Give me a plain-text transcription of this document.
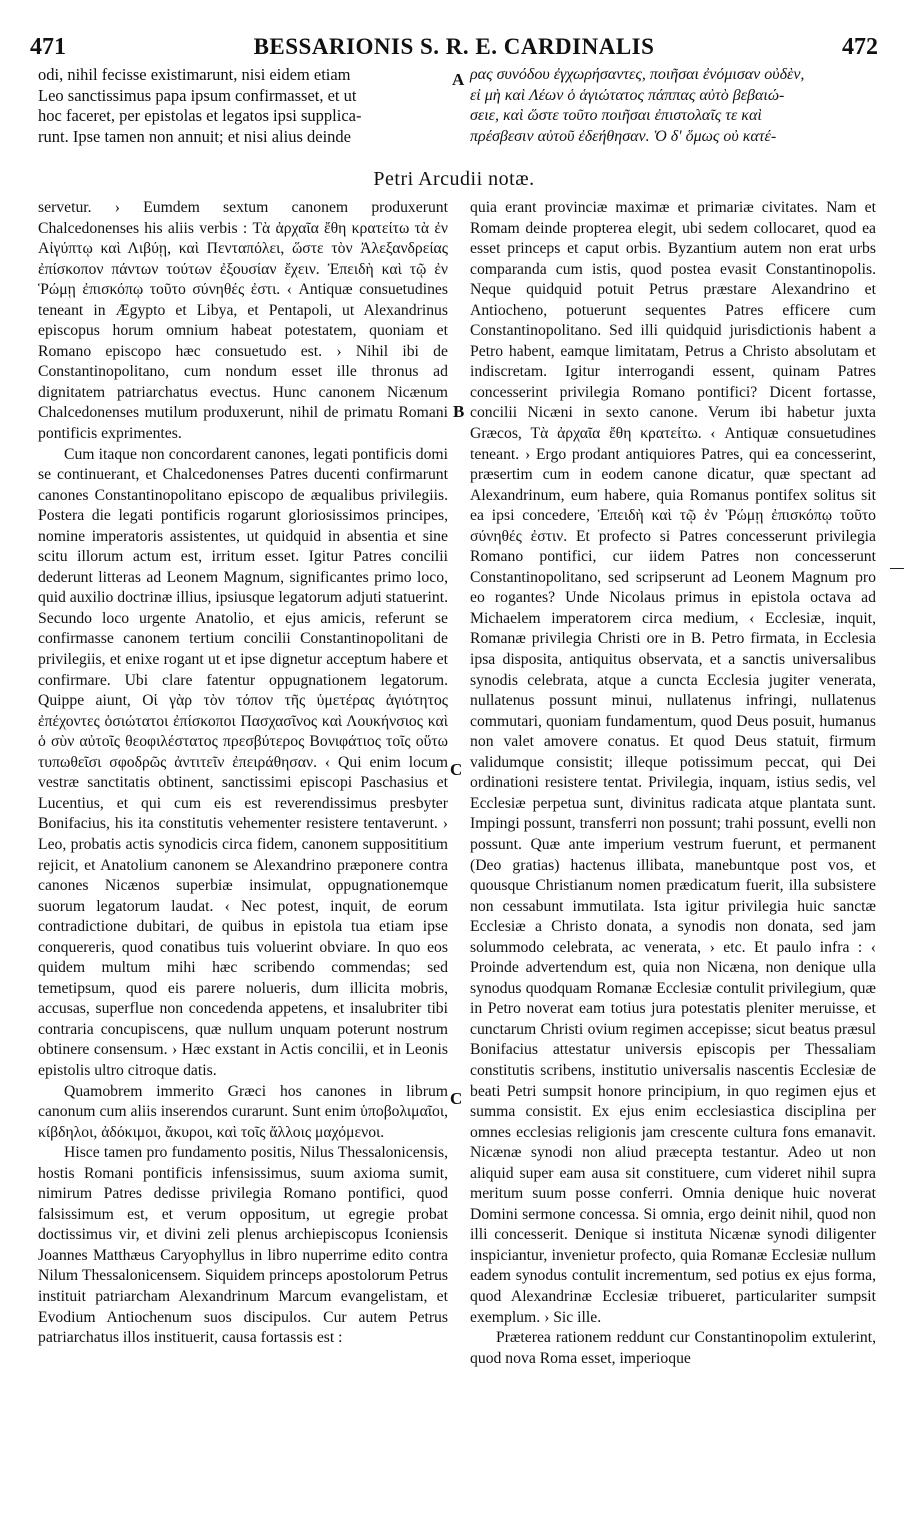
471	BESSARIONIS S. R. E. CARDINALIS	472

odi, nihil fecisse existimarunt, nisi eidem etiam

Leo sanctissimus papa ipsum confirmasset, et ut

hoc faceret, per epistolas et legatos ipsi supplica-

runt. Ipse tamen non annuit; et nisi alius deinde

A ρας συνόδου ἐγχωρήσαντες, ποιῆσαι ἐνόμισαν οὐδὲν,

εἰ μὴ καὶ Λέων ὁ ἁγιώτατος πάππας αὐτὸ βεβαιώ-

σειε, καὶ ὥστε τοῦτο ποιῆσαι ἐπιστολαῖς τε καὶ

πρέσβεσιν αὐτοῦ ἐδεήθησαν. Ὁ δ' ὅμως οὐ κατέ-

Petri Arcudii notæ.

servetur. › Eumdem sextum canonem produxerunt Chalcedonenses his aliis verbis : Τὰ ἀρχαῖα ἔθη κρατείτω τὰ ἐν Αἰγύπτῳ καὶ Λιβύῃ, καὶ Πενταπόλει, ὥστε τὸν Ἀλεξανδρείας ἐπίσκοπον πάντων τούτων ἐξουσίαν ἔχειν. Ἐπειδὴ καὶ τῷ ἐν Ῥώμῃ ἐπισκόπῳ τοῦτο σύνηθές ἐστι. ‹ Antiquæ consuetudines teneant in Ægypto et Libya, et Pentapoli, ut Alexandrinus episcopus horum omnium habeat potestatem, quoniam et Romano episcopo hæc consuetudo est. › Nihil ibi de Constantinopolitano, cum nondum esset ille thronus ad dignitatem patriarchatus evectus. Hunc canonem Nicænum Chalcedonenses mutilum produxerunt, nihil de primatu Romani pontificis exprimentes.

Cum itaque non concordarent canones, legati pontificis domi se continuerant, et Chalcedonenses Patres ducenti confirmarunt canones Constantinopolitano episcopo de æqualibus privilegiis. Postera die legati pontificis rogarunt gloriosissimos principes, nomine imperatoris assistentes, ut quidquid in absentia et sine scitu illorum actum est, irritum esset. Igitur Patres concilii dederunt litteras ad Leonem Magnum, significantes primo loco, quid auxilio doctrinæ illius, ipsiusque legatorum adjuti statuerint. Secundo loco urgente Anatolio, et ejus amicis, referunt se confirmasse canonem tertium concilii Constantinopolitani de privilegiis, et enixe rogant ut et ipse dignetur acceptum habere et confirmare. Ubi clare fatentur oppugnationem legatorum. Quippe aiunt, Οἱ γὰρ τὸν τόπον τῆς ὑμετέρας ἁγιότητος ἐπέχοντες ὁσιώτατοι ἐπίσκοποι Πασχασῖνος καὶ Λουκήνσιος καὶ ὁ σὺν αὐτοῖς θεοφιλέστατος πρεσβύτερος Βονιφάτιος τοῖς οὕτω τυπωθεῖσι σφοδρῶς ἀντιτεῖν ἐπειράθησαν. ‹ Qui enim locum vestræ sanctitatis obtinent, sanctissimi episcopi Paschasius et Lucentius, et qui cum eis est reverendissimus presbyter Bonifacius, his ita constitutis vehementer resistere tentaverunt. › Leo, probatis actis synodicis circa fidem, canonem supposititium rejicit, et Anatolium canonem se Alexandrino præponere contra canones Nicænos superbiæ insimulat, oppugnationemque suorum legatorum laudat. ‹ Nec potest, inquit, de eorum contradictione dubitari, de quibus in epistola tua etiam ipse conquereris, quod conatibus tuis voluerint obviare. In quo eos quidem multum mihi hæc scribendo commendas; sed temetipsum, quod eis parere nolueris, dum illicita mobris, accusas, superflue non concedenda appetens, et insalubriter tibi contraria concupiscens, quæ nullum unquam poterunt nostrum obtinere consensum. › Hæc exstant in Actis concilii, et in Leonis epistolis ultro citroque datis.

Quamobrem immerito Græci hos canones in librum canonum cum aliis inserendos curarunt. Sunt enim ὑποβολιμαῖοι, κίβδηλοι, ἀδόκιμοι, ἄκυροι, καὶ τοῖς ἄλλοις μαχόμενοι.

Hisce tamen pro fundamento positis, Nilus Thessalonicensis, hostis Romani pontificis infensissimus, suum axioma sumit, nimirum Patres dedisse privilegia Romano pontifici, quod falsissimum est, et verum oppositum, ut egregie probat doctissimus vir, et divini zeli plenus archiepiscopus Iconiensis Joannes Matthæus Caryophyllus in libro nuperrime edito contra Nilum Thessalonicensem. Siquidem princeps apostolorum Petrus instituit patriarcham Alexandrinum Marcum evangelistam, et Evodium Antiochenum suos discipulos. Cur autem Petrus patriarchatus illos instituerit, causa fortassis est :

B
C
C

quia erant provinciæ maximæ et primariæ civitates. Nam et Romam deinde propterea elegit, ubi sedem collocaret, quod ea esset princeps et caput orbis. Byzantium autem non erat urbs comparanda cum istis, quod postea evasit Constantinopolis. Neque quidquid potuit Petrus præstare Alexandrino et Antiocheno, potuerunt sequentes Patres efficere cum Constantinopolitano. Sed illi quidquid jurisdictionis habent a Petro habent, eamque limitatam, Petrus a Christo absolutam et indiscretam. Igitur interrogandi essent, quinam Patres concesserint privilegia Romano pontifici? Dicent fortasse, concilii Nicæni in sexto canone. Verum ibi habetur juxta Græcos, Τὰ ἀρχαῖα ἔθη κρατείτω. ‹ Antiquæ consuetudines teneant. › Ergo prodant antiquiores Patres, qui ea concesserint, præsertim cum in eodem canone dicatur, quæ spectant ad Alexandrinum, eum habere, quia Romanus pontifex solitus sit ea ipsi concedere, Ἐπειδὴ καὶ τῷ ἐν Ῥώμῃ ἐπισκόπῳ τοῦτο σύνηθές ἐστιν. Et profecto si Patres concesserunt privilegia Romano pontifici, cur iidem Patres non concesserunt Constantinopolitano, sed scripserunt ad Leonem Magnum pro eo rogantes? Unde Nicolaus primus in epistola octava ad Michaelem imperatorem circa medium, ‹ Ecclesiæ, inquit, Romanæ privilegia Christi ore in B. Petro firmata, in Ecclesia ipsa disposita, antiquitus observata, et a sanctis universalibus synodis celebrata, atque a cuncta Ecclesia jugiter venerata, nullatenus possunt minui, nullatenus infringi, nullatenus commutari, quoniam fundamentum, quod Deus posuit, humanus non valet amovere conatus. Et quod Deus statuit, firmum validumque consistit; illeque potissimum peccat, qui Dei ordinationi resistere tentat. Privilegia, inquam, istius sedis, vel Ecclesiæ perpetua sunt, divinitus radicata atque plantata sunt. Impingi possunt, transferri non possunt; trahi possunt, evelli non possunt. Quæ ante imperium vestrum fuerunt, et permanent (Deo gratias) hactenus illibata, manebuntque post vos, et quousque Christianum nomen prædicatum fuerit, illa subsistere non cessabunt immutilata. Ista igitur privilegia huic sanctæ Ecclesiæ a Christo donata, a synodis non donata, sed jam solummodo celebrata, ac venerata, › etc. Et paulo infra : ‹ Proinde advertendum est, quia non Nicæna, non denique ulla synodus quodquam Romanæ Ecclesiæ contulit privilegium, quæ in Petro noverat eam totius jura potestatis pleniter meruisse, et cunctarum Christi ovium regimen accepisse; sicut beatus præsul Bonifacius attestatur universis episcopis per Thessaliam constitutis scribens, institutio universalis nascentis Ecclesiæ de beati Petri sumpsit honore principium, in quo regimen ejus et summa consistit. Ex ejus enim ecclesiastica disciplina per omnes ecclesias religionis jam crescente cultura fons emanavit. Nicænæ synodi non aliud præcepta testantur. Adeo ut non aliquid super eam ausa sit constituere, cum videret nihil supra meritum suum posse conferri. Omnia denique huic noverat Domini sermone concessa. Si omnia, ergo deinit nihil, quod non illi concesserit. Denique si instituta Nicænæ synodi diligenter inspiciantur, invenietur profecto, quia Romanæ Ecclesiæ nullum eadem synodus contulit incrementum, sed potius ex ejus forma, quod Alexandrinæ Ecclesiæ tribueret, particulariter sumpsit exemplum. › Sic ille.

Præterea rationem reddunt cur Constantinopolim extulerint, quod nova Roma esset, imperioque
